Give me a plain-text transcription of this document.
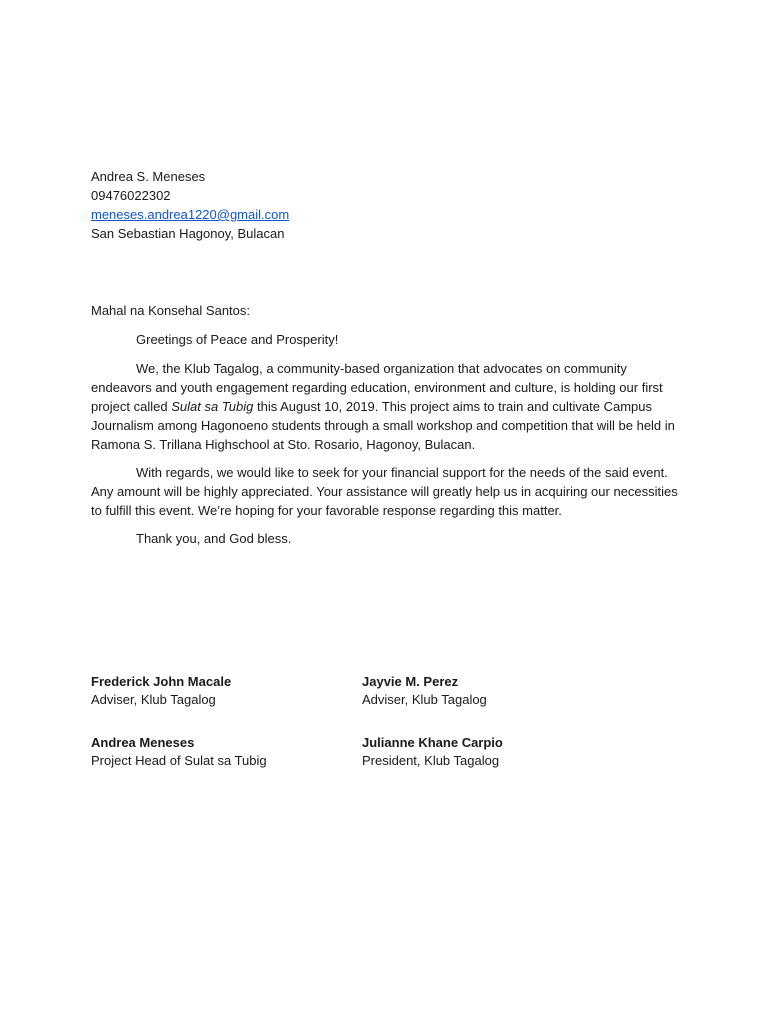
Andrea S. Meneses
09476022302
meneses.andrea1220@gmail.com
San Sebastian Hagonoy, Bulacan
Mahal na Konsehal Santos:

Greetings of Peace and Prosperity!

We, the Klub Tagalog, a community-based organization that advocates on community endeavors and youth engagement regarding education, environment and culture, is holding our first project called Sulat sa Tubig this August 10, 2019. This project aims to train and cultivate Campus Journalism among Hagonoeno students through a small workshop and competition that will be held in Ramona S. Trillana Highschool at Sto. Rosario, Hagonoy, Bulacan.

With regards, we would like to seek for your financial support for the needs of the said event. Any amount will be highly appreciated. Your assistance will greatly help us in acquiring our necessities to fulfill this event. We’re hoping for your favorable response regarding this matter.

Thank you, and God bless.

Frederick John Macale
Adviser, Klub Tagalog
Jayvie M. Perez
Adviser, Klub Tagalog
Andrea Meneses
Project Head of Sulat sa Tubig
Julianne Khane Carpio
President, Klub Tagalog
